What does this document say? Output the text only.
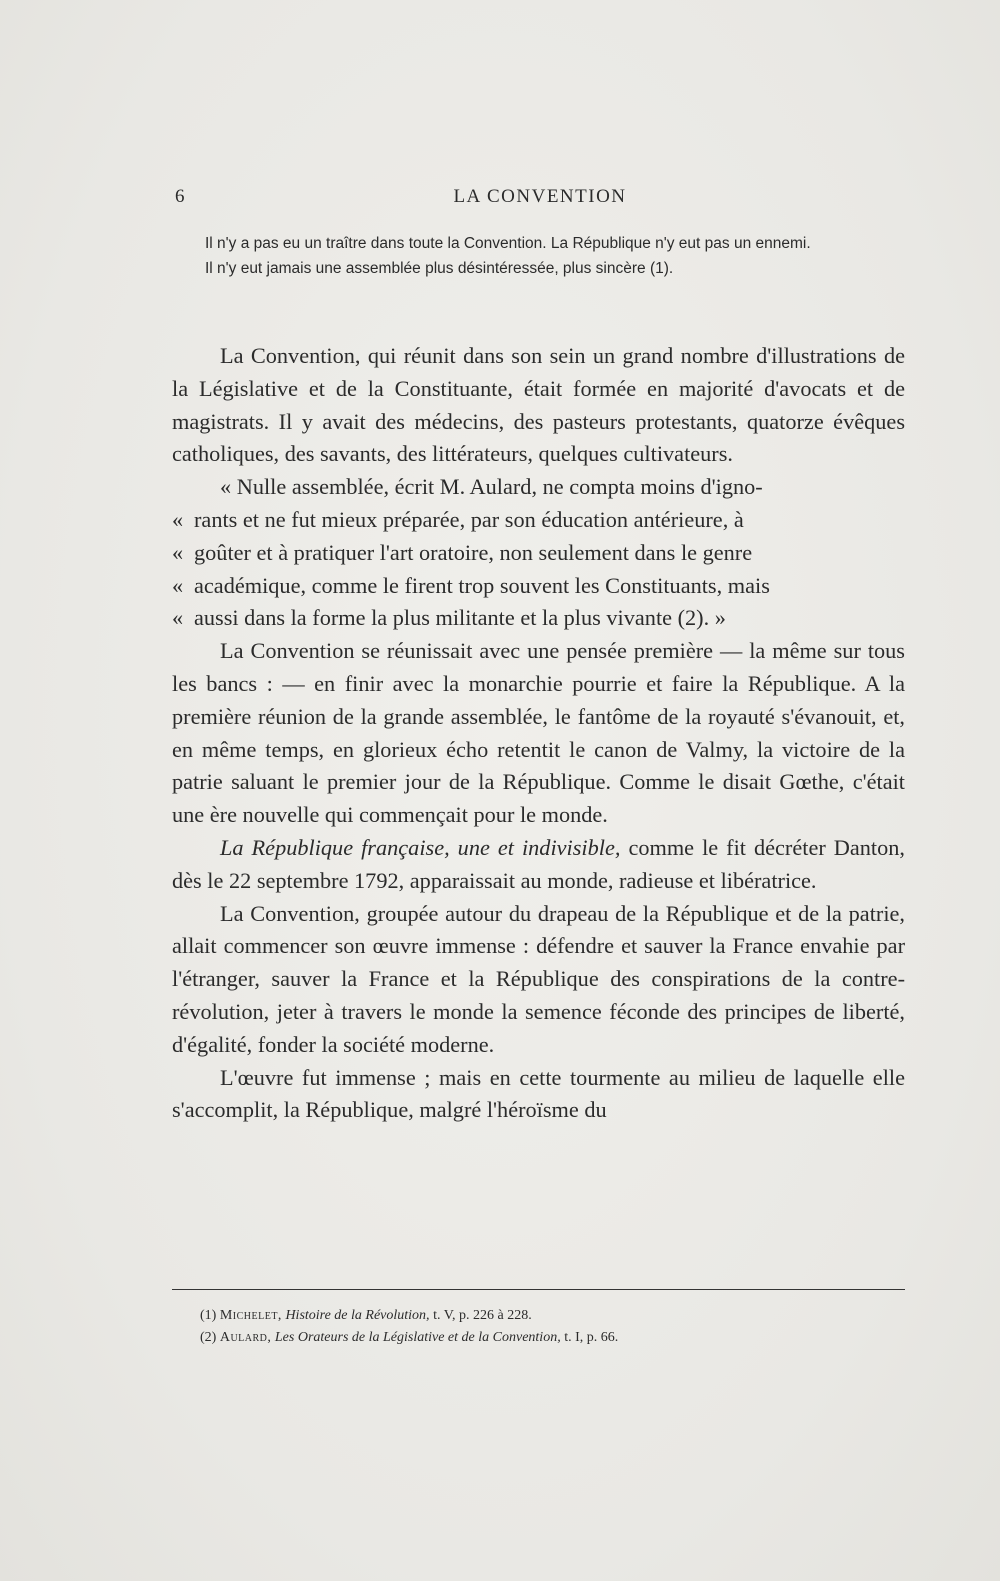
6	LA CONVENTION

Il n'y a pas eu un traître dans toute la Convention. La République n'y eut pas un ennemi.

Il n'y eut jamais une assemblée plus désintéressée, plus sincère (1).

La Convention, qui réunit dans son sein un grand nombre d'illustrations de la Législative et de la Constituante, était formée en majorité d'avocats et de magistrats. Il y avait des médecins, des pasteurs protestants, quatorze évêques catholiques, des savants, des littérateurs, quelques cultivateurs.

« Nulle assemblée, écrit M. Aulard, ne compta moins d'igno-

« rants et ne fut mieux préparée, par son éducation antérieure, à

« goûter et à pratiquer l'art oratoire, non seulement dans le genre

« académique, comme le firent trop souvent les Constituants, mais

« aussi dans la forme la plus militante et la plus vivante (2). »

La Convention se réunissait avec une pensée première — la même sur tous les bancs : — en finir avec la monarchie pourrie et faire la République. A la première réunion de la grande assemblée, le fantôme de la royauté s'évanouit, et, en même temps, en glorieux écho retentit le canon de Valmy, la victoire de la patrie saluant le premier jour de la République. Comme le disait Gœthe, c'était une ère nouvelle qui commençait pour le monde.

La République française, une et indivisible, comme le fit décréter Danton, dès le 22 septembre 1792, apparaissait au monde, radieuse et libératrice.

La Convention, groupée autour du drapeau de la République et de la patrie, allait commencer son œuvre immense : défendre et sauver la France envahie par l'étranger, sauver la France et la République des conspirations de la contre-révolution, jeter à travers le monde la semence féconde des principes de liberté, d'égalité, fonder la société moderne.

L'œuvre fut immense ; mais en cette tourmente au milieu de laquelle elle s'accomplit, la République, malgré l'héroïsme du

(1) Michelet, Histoire de la Révolution, t. V, p. 226 à 228.

(2) Aulard, Les Orateurs de la Législative et de la Convention, t. I, p. 66.
